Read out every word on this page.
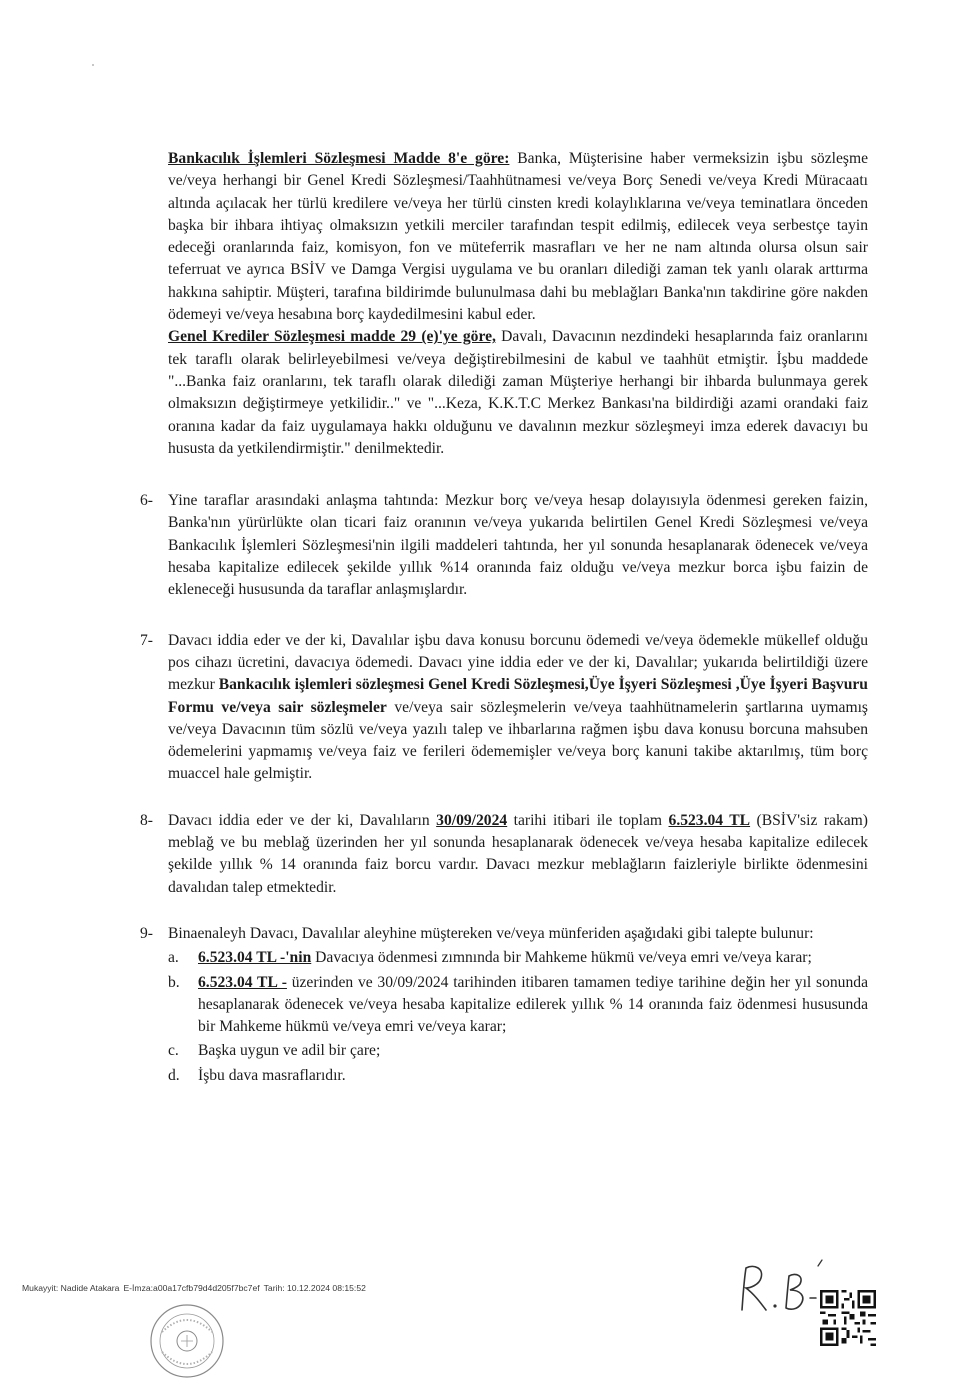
Bankacılık İşlemleri Sözleşmesi Madde 8'e göre: Banka, Müşterisine haber vermeksizin işbu sözleşme ve/veya herhangi bir Genel Kredi Sözleşmesi/Taahhütnamesi ve/veya Borç Senedi ve/veya Kredi Müracaatı altında açılacak her türlü kredilere ve/veya her türlü cinsten kredi kolaylıklarına ve/veya teminatlara önceden başka bir ihbara ihtiyaç olmaksızın yetkili merciler tarafından tespit edilmiş, edilecek veya serbestçe tayin edeceği oranlarında faiz, komisyon, fon ve müteferrik masrafları ve her ne nam altında olursa olsun sair teferruat ve ayrıca BSİV ve Damga Vergisi uygulama ve bu oranları dilediği zaman tek yanlı olarak arttırma hakkına sahiptir. Müşteri, tarafına bildirimde bulunulmasa dahi bu meblağları Banka'nın takdirine göre nakden ödemeyi ve/veya hesabına borç kaydedilmesini kabul eder.

Genel Krediler Sözleşmesi madde 29 (e)'ye göre, Davalı, Davacının nezdindeki hesaplarında faiz oranlarını tek taraflı olarak belirleyebilmesi ve/veya değiştirebilmesini de kabul ve taahhüt etmiştir. İşbu maddede "...Banka faiz oranlarını, tek taraflı olarak dilediği zaman Müşteriye herhangi bir ihbarda bulunmaya gerek olmaksızın değiştirmeye yetkilidir.." ve "...Keza, K.K.T.C Merkez Bankası'na bildirdiği azami orandaki faiz oranına kadar da faiz uygulamaya hakkı olduğunu ve davalının mezkur sözleşmeyi imza ederek davacıyı bu hususta da yetkilendirmiştir." denilmektedir.

6- Yine taraflar arasındaki anlaşma tahtında: Mezkur borç ve/veya hesap dolayısıyla ödenmesi gereken faizin, Banka'nın yürürlükte olan ticari faiz oranının ve/veya yukarıda belirtilen Genel Kredi Sözleşmesi ve/veya Bankacılık İşlemleri Sözleşmesi'nin ilgili maddeleri tahtında, her yıl sonunda hesaplanarak ödenecek ve/veya hesaba kapitalize edilecek şekilde yıllık %14 oranında faiz olduğu ve/veya mezkur borca işbu faizin de ekleneceği hususunda da taraflar anlaşmışlardır.
7- Davacı iddia eder ve der ki, Davalılar işbu dava konusu borcunu ödemedi ve/veya ödemekle mükellef olduğu pos cihazı ücretini, davacıya ödemedi. Davacı yine iddia eder ve der ki, Davalılar; yukarıda belirtildiği üzere mezkur Bankacılık işlemleri sözleşmesi Genel Kredi Sözleşmesi,Üye İşyeri Sözleşmesi ,Üye İşyeri Başvuru Formu ve/veya sair sözleşmeler ve/veya sair sözleşmelerin ve/veya taahhütnamelerin şartlarına uymamış ve/veya Davacının tüm sözlü ve/veya yazılı talep ve ihbarlarına rağmen işbu dava konusu borcuna mahsuben ödemelerini yapmamış ve/veya faiz ve ferileri ödememişler ve/veya borç kanuni takibe aktarılmış, tüm borç muaccel hale gelmiştir.
8- Davacı iddia eder ve der ki, Davalıların 30/09/2024 tarihi itibari ile toplam 6.523.04 TL (BSİV'siz rakam) meblağ ve bu meblağ üzerinden her yıl sonunda hesaplanarak ödenecek ve/veya hesaba kapitalize edilecek şekilde yıllık % 14 oranında faiz borcu vardır. Davacı mezkur meblağların faizleriyle birlikte ödenmesini davalıdan talep etmektedir.
9- Binaenaleyh Davacı, Davalılar aleyhine müştereken ve/veya münferiden aşağıdaki gibi talepte bulunur:
a . 6.523.04 TL -'nin Davacıya ödenmesi zımnında bir Mahkeme hükmü ve/veya emri ve/veya karar;
b . 6.523.04 TL - üzerinden ve 30/09/2024 tarihinden itibaren tamamen tediye tarihine değin her yıl sonunda hesaplanarak ödenecek ve/veya hesaba kapitalize edilerek yıllık % 14 oranında faiz ödenmesi hususunda bir Mahkeme hükmü ve/veya emri ve/veya karar;
c . Başka uygun ve adil bir çare;
d . İşbu dava masraflarıdır.
Mukayyit: Nadide Atakara E-İmza:a00a17cfb79d4d205f7bc7ef Tarih: 10.12.2024 08:15:52
